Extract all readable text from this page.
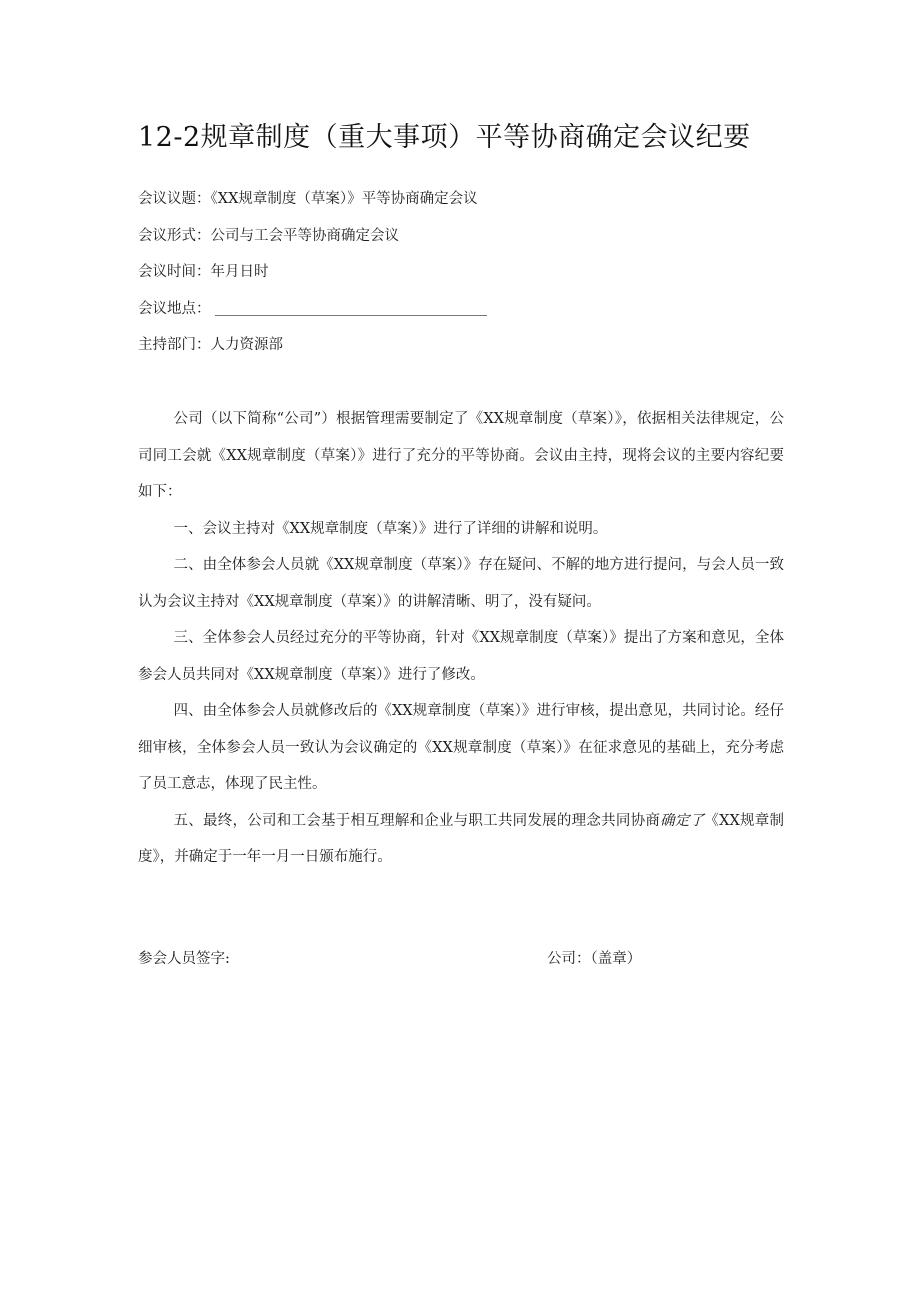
12-2规章制度（重大事项）平等协商确定会议纪要
会议议题：《XX规章制度（草案）》平等协商确定会议
会议形式：公司与工会平等协商确定会议
会议时间：年月日时
会议地点：
主持部门：人力资源部

公司（以下简称“公司”）根据管理需要制定了《XX规章制度（草案）》，依据相关法律规定，公司同工会就《XX规章制度（草案）》进行了充分的平等协商。会议由主持，现将会议的主要内容纪要如下：

一、会议主持对《XX规章制度（草案）》进行了详细的讲解和说明。

二、由全体参会人员就《XX规章制度（草案）》存在疑问、不解的地方进行提问，与会人员一致认为会议主持对《XX规章制度（草案）》的讲解清晰、明了，没有疑问。

三、全体参会人员经过充分的平等协商，针对《XX规章制度（草案）》提出了方案和意见，全体参会人员共同对《XX规章制度（草案）》进行了修改。

四、由全体参会人员就修改后的《XX规章制度（草案）》进行审核，提出意见，共同讨论。经仔细审核，全体参会人员一致认为会议确定的《XX规章制度（草案）》在征求意见的基础上，充分考虑了员工意志，体现了民主性。

五、最终，公司和工会基于相互理解和企业与职工共同发展的理念共同协商确定了《XX规章制度》，并确定于一年一月一日颁布施行。

参会人员签字:	公司：（盖章）
